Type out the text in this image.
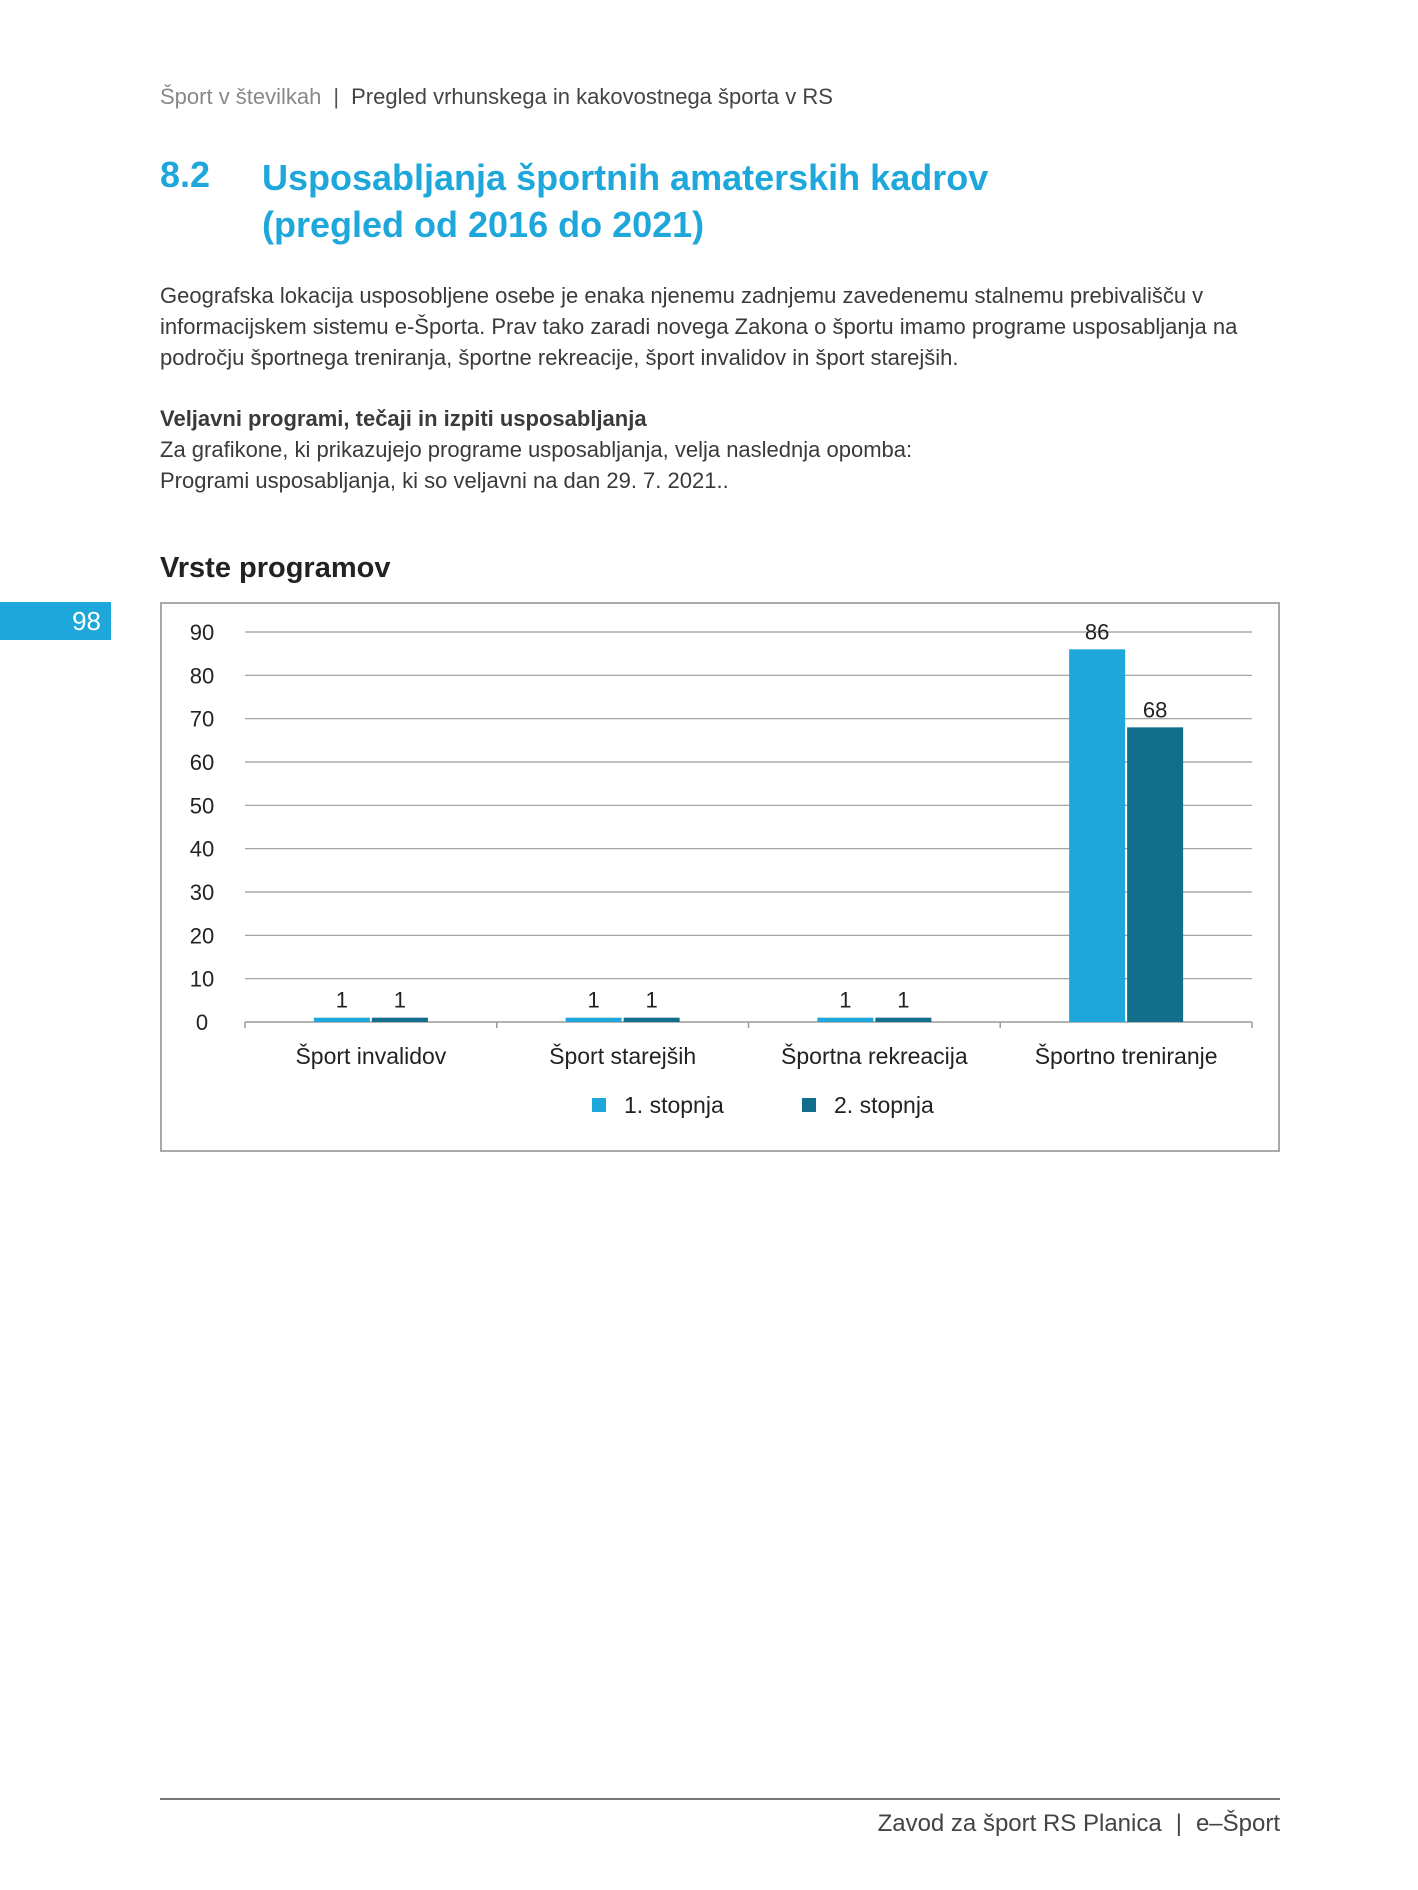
Šport v številkah | Pregled vrhunskega in kakovostnega športa v RS
8.2 Usposabljanja športnih amaterskih kadrov
(pregled od 2016 do 2021)

Geografska lokacija usposobljene osebe je enaka njenemu zadnjemu zavedenemu stalnemu prebivališču v informacijskem sistemu e-Športa. Prav tako zaradi novega Zakona o športu imamo programe usposabljanja na področju športnega treniranja, športne rekreacije, šport invalidov in šport starejših.

Veljavni programi, tečaji in izpiti usposabljanja

Za grafikone, ki prikazujejo programe usposabljanja, velja naslednja opomba:

Programi usposabljanja, ki so veljavni na dan 29. 7. 2021..

Vrste programov
98
0
10
20
30
40
50
60
70
80
90
1 1
Šport invalidov
1 1
Šport starejših
1 1
Športna rekreacija
86
68
Športno treniranje
1. stopnja	2. stopnja
Zavod za šport RS Planica | e–Šport
